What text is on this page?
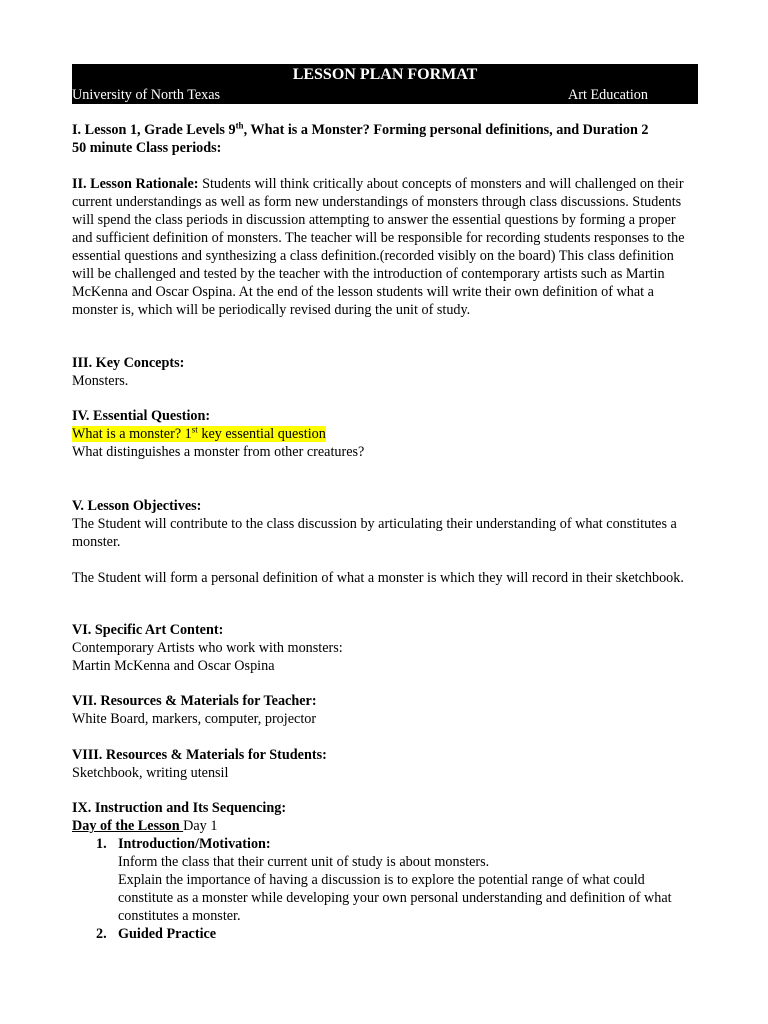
LESSON PLAN FORMAT
University of North Texas	Art Education
I. Lesson 1, Grade Levels 9th, What is a Monster? Forming personal definitions, and Duration 2
50 minute Class periods:
II. Lesson Rationale: Students will think critically about concepts of monsters and will challenged on their current understandings as well as form new understandings of monsters through class discussions. Students will spend the class periods in discussion attempting to answer the essential questions by forming a proper and sufficient definition of monsters. The teacher will be responsible for recording students responses to the essential questions and synthesizing a class definition.(recorded visibly on the board) This class definition will be challenged and tested by the teacher with the introduction of contemporary artists such as Martin McKenna and Oscar Ospina. At the end of the lesson students will write their own definition of what a monster is, which will be periodically revised during the unit of study.
III. Key Concepts:
Monsters.
IV. Essential Question:
What is a monster? 1st key essential question
What distinguishes a monster from other creatures?
V. Lesson Objectives:
The Student will contribute to the class discussion by articulating their understanding of what constitutes a monster.
The Student will form a personal definition of what a monster is which they will record in their sketchbook.
VI. Specific Art Content:
Contemporary Artists who work with monsters:
Martin McKenna and Oscar Ospina
VII. Resources & Materials for Teacher:
White Board, markers, computer, projector
VIII. Resources & Materials for Students:
Sketchbook, writing utensil
IX. Instruction and Its Sequencing:
Day of the Lesson Day 1
1. Introduction/Motivation:
Inform the class that their current unit of study is about monsters.
Explain the importance of having a discussion is to explore the potential range of what could constitute as a monster while developing your own personal understanding and definition of what constitutes a monster.
2. Guided Practice
